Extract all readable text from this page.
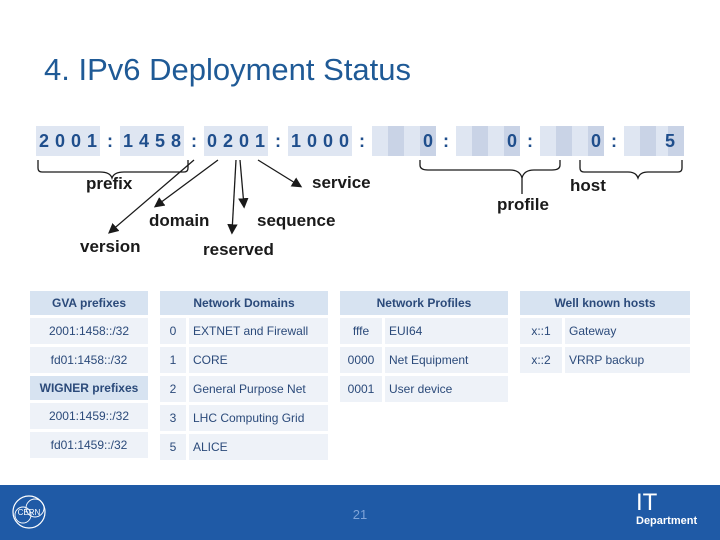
4. IPv6 Deployment Status
2 0 0 1 : 1 4 5 8 : 0 2 0 1 : 1 0 0 0 :	0 :	0 :	0 :	5
prefix	service	host
domain	sequence
profile
version	reserved
GVA prefixes
2001:1458::/32
fd01:1458::/32
WIGNER prefixes
2001:1459::/32
fd01:1459::/32
Network Domains		
0		EXTNET and Firewall
1		CORE
2		General Purpose Net
3		LHC Computing Grid
5		ALICE
Network Profiles		
fffe		EUI64
0000		Net Equipment
0001		User device
Well known hosts		
x::1		Gateway
x::2		VRRP backup
CERN	21	IT
Department
